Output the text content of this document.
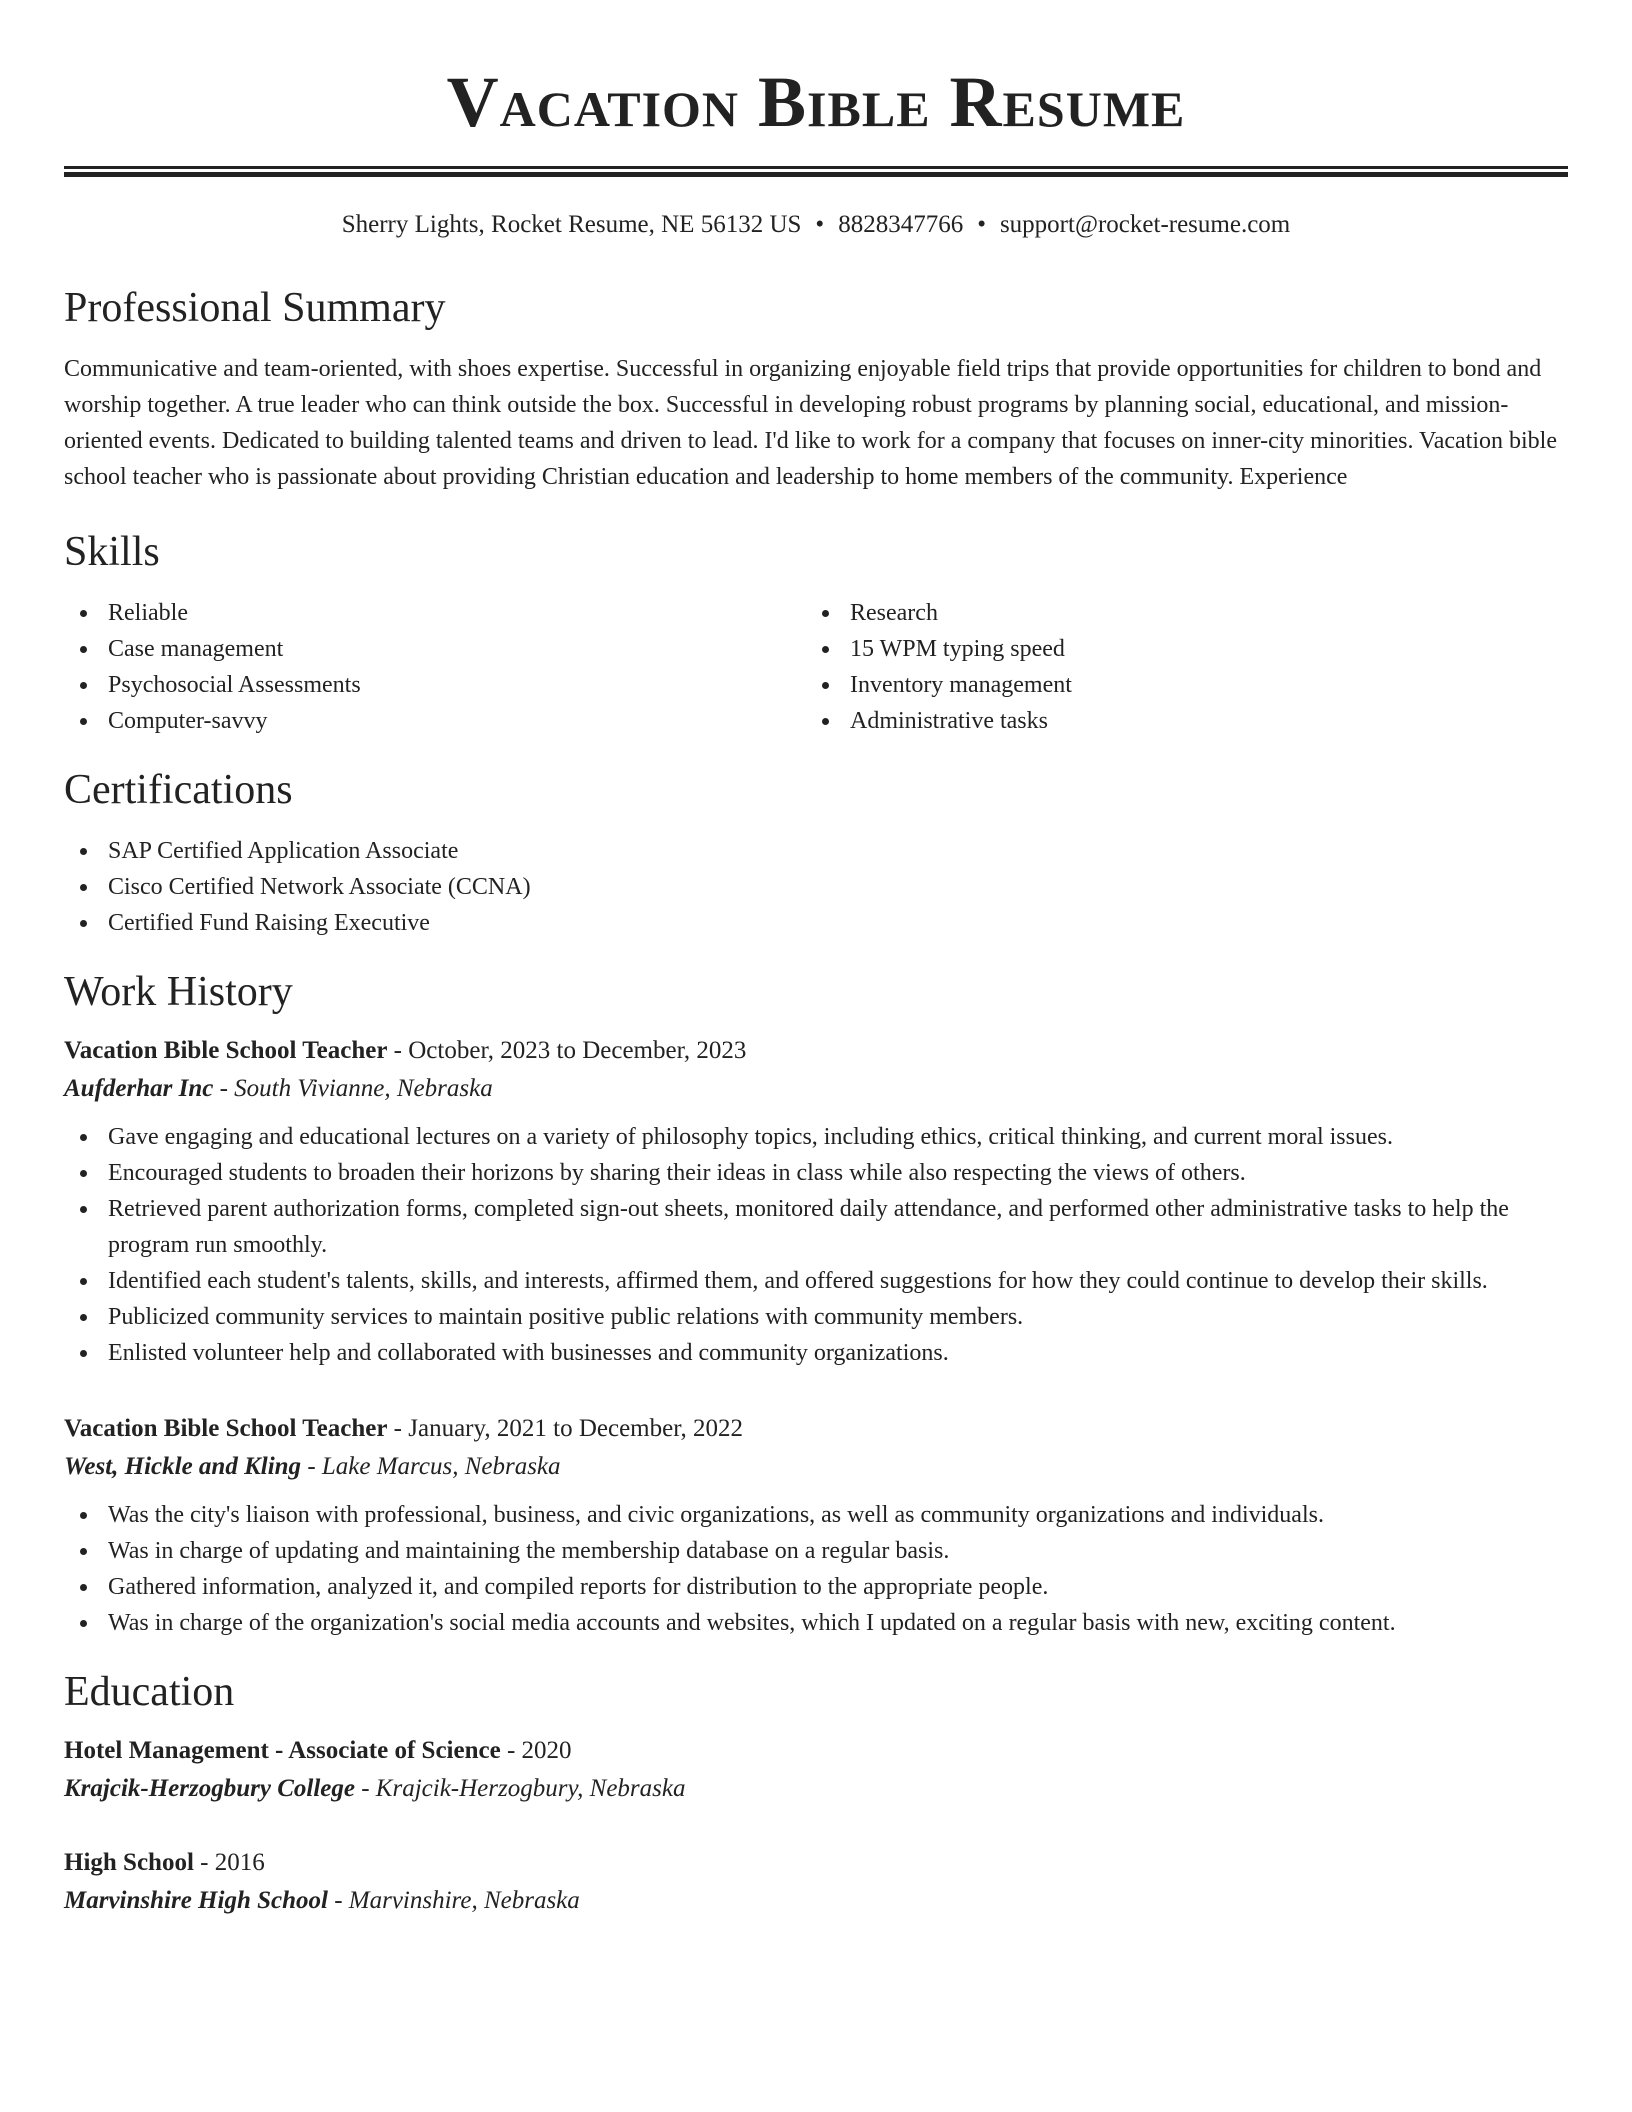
Vacation Bible Resume
Sherry Lights, Rocket Resume, NE 56132 US • 8828347766 • support@rocket-resume.com
Professional Summary

Communicative and team-oriented, with shoes expertise. Successful in organizing enjoyable field trips that provide opportunities for children to bond and worship together. A true leader who can think outside the box. Successful in developing robust programs by planning social, educational, and mission-oriented events. Dedicated to building talented teams and driven to lead. I'd like to work for a company that focuses on inner-city minorities. Vacation bible school teacher who is passionate about providing Christian education and leadership to home members of the community. Experience

Skills
Reliable
Case management
Psychosocial Assessments
Computer-savvy
Research
15 WPM typing speed
Inventory management
Administrative tasks
Certifications
SAP Certified Application Associate
Cisco Certified Network Associate (CCNA)
Certified Fund Raising Executive
Work History
Vacation Bible School Teacher - October, 2023 to December, 2023
Aufderhar Inc - South Vivianne, Nebraska
Gave engaging and educational lectures on a variety of philosophy topics, including ethics, critical thinking, and current moral issues.
Encouraged students to broaden their horizons by sharing their ideas in class while also respecting the views of others.
Retrieved parent authorization forms, completed sign-out sheets, monitored daily attendance, and performed other administrative tasks to help the program run smoothly.
Identified each student's talents, skills, and interests, affirmed them, and offered suggestions for how they could continue to develop their skills.
Publicized community services to maintain positive public relations with community members.
Enlisted volunteer help and collaborated with businesses and community organizations.
Vacation Bible School Teacher - January, 2021 to December, 2022
West, Hickle and Kling - Lake Marcus, Nebraska
Was the city's liaison with professional, business, and civic organizations, as well as community organizations and individuals.
Was in charge of updating and maintaining the membership database on a regular basis.
Gathered information, analyzed it, and compiled reports for distribution to the appropriate people.
Was in charge of the organization's social media accounts and websites, which I updated on a regular basis with new, exciting content.
Education
Hotel Management - Associate of Science - 2020
Krajcik-Herzogbury College - Krajcik-Herzogbury, Nebraska
High School - 2016
Marvinshire High School - Marvinshire, Nebraska
